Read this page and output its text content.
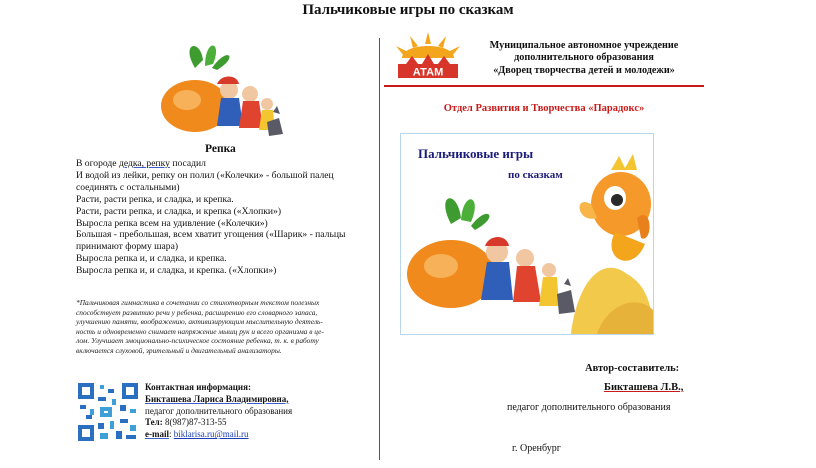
Пальчиковые игры по сказкам
Репка
В огороде дедка, репку посадил
И водой из лейки, репку он полил («Колечки» - большой палец
соединять с остальными)
Расти, расти репка, и сладка, и крепка.
Расти, расти репка, и сладка, и крепка («Хлопки»)
Выросла репка всем на удивление («Колечки»)
Большая - пребольшая, всем хватит угощения («Шарик» - пальцы
принимают форму шара)
Выросла репка и, и сладка, и крепка.
Выросла репка и, и сладка, и крепка. («Хлопки»)
*Пальчиковая гимнастика в сочетании со стихотворным текстом полезных
способствует развитию речи у ребенка, расширению его словарного запаса,
улучшению памяти, воображению, активизирующим мыслительную деятель-
ность и одновременно снимает напряжение мышц рук и всего организма в це-
лом. Улучшает эмоционально-психическое состояние ребенка, т. к. в работу
включается слуховой, зрительный и двигательный анализаторы.
Контактная информация:
Бикташева Лариса Владимировна,
педагог дополнительного образования
Тел: 8(987)87-313-55
e-mail: biklarisa.ru@mail.ru
АТАМ
Муниципальное автономное учреждение
дополнительного образования
«Дворец творчества детей и молодежи»
Отдел Развития и Творчества «Парадокс»
Пальчиковые игры
по сказкам
Автор-составитель:
Бикташева Л.В.,
педагог дополнительного образования
г. Оренбург
